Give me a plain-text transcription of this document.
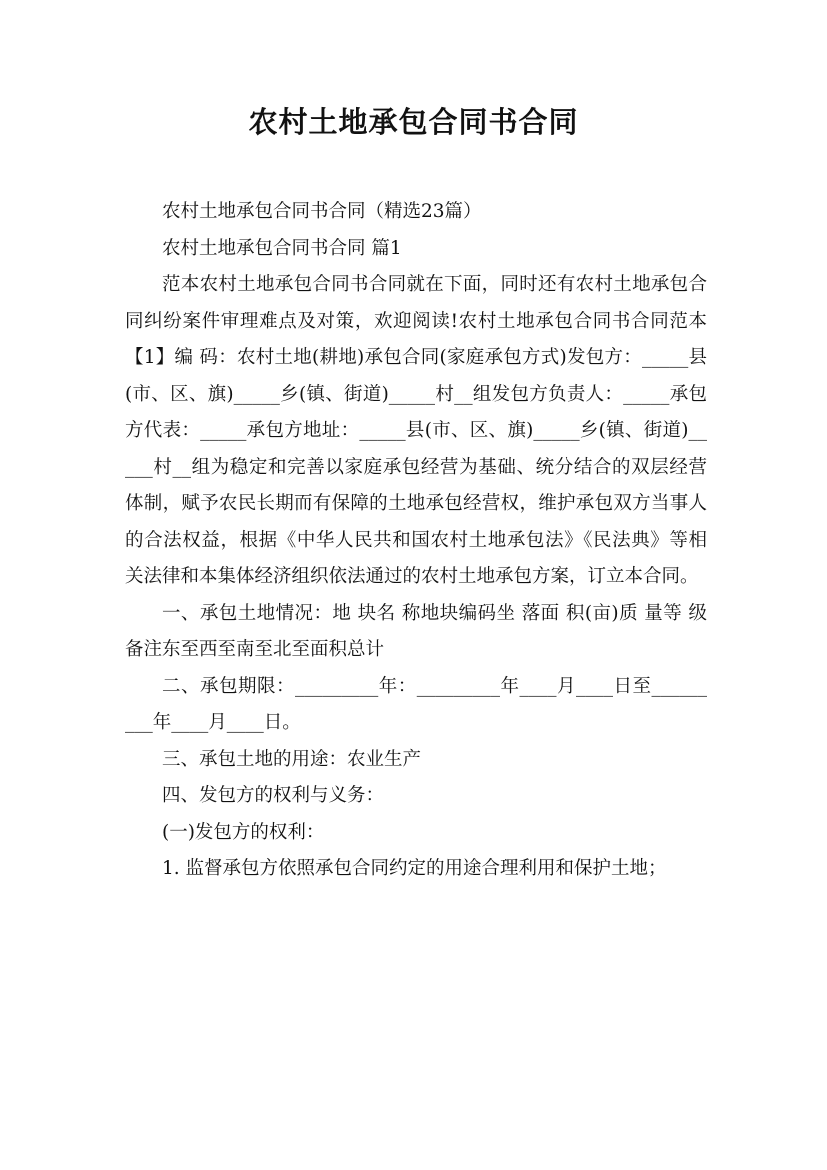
农村土地承包合同书合同

农村土地承包合同书合同（精选23篇）

农村土地承包合同书合同 篇1

范本农村土地承包合同书合同就在下面，同时还有农村土地承包合同纠纷案件审理难点及对策，欢迎阅读!农村土地承包合同书合同范本【1】编 码：农村土地(耕地)承包合同(家庭承包方式)发包方：_____县(市、区、旗)_____乡(镇、街道)_____村__组发包方负责人：_____承包方代表：_____承包方地址：_____县(市、区、旗)_____乡(镇、街道)_____村__组为稳定和完善以家庭承包经营为基础、统分结合的双层经营体制，赋予农民长期而有保障的土地承包经营权，维护承包双方当事人的合法权益，根据《中华人民共和国农村土地承包法》《民法典》等相关法律和本集体经济组织依法通过的农村土地承包方案，订立本合同。

一、承包土地情况：地 块名 称地块编码坐 落面 积(亩)质 量等 级备注东至西至南至北至面积总计

二、承包期限：_________年：_________年____月____日至_________年____月____日。

三、承包土地的用途：农业生产

四、发包方的权利与义务：

(一)发包方的权利：

1. 监督承包方依照承包合同约定的用途合理利用和保护土地；
